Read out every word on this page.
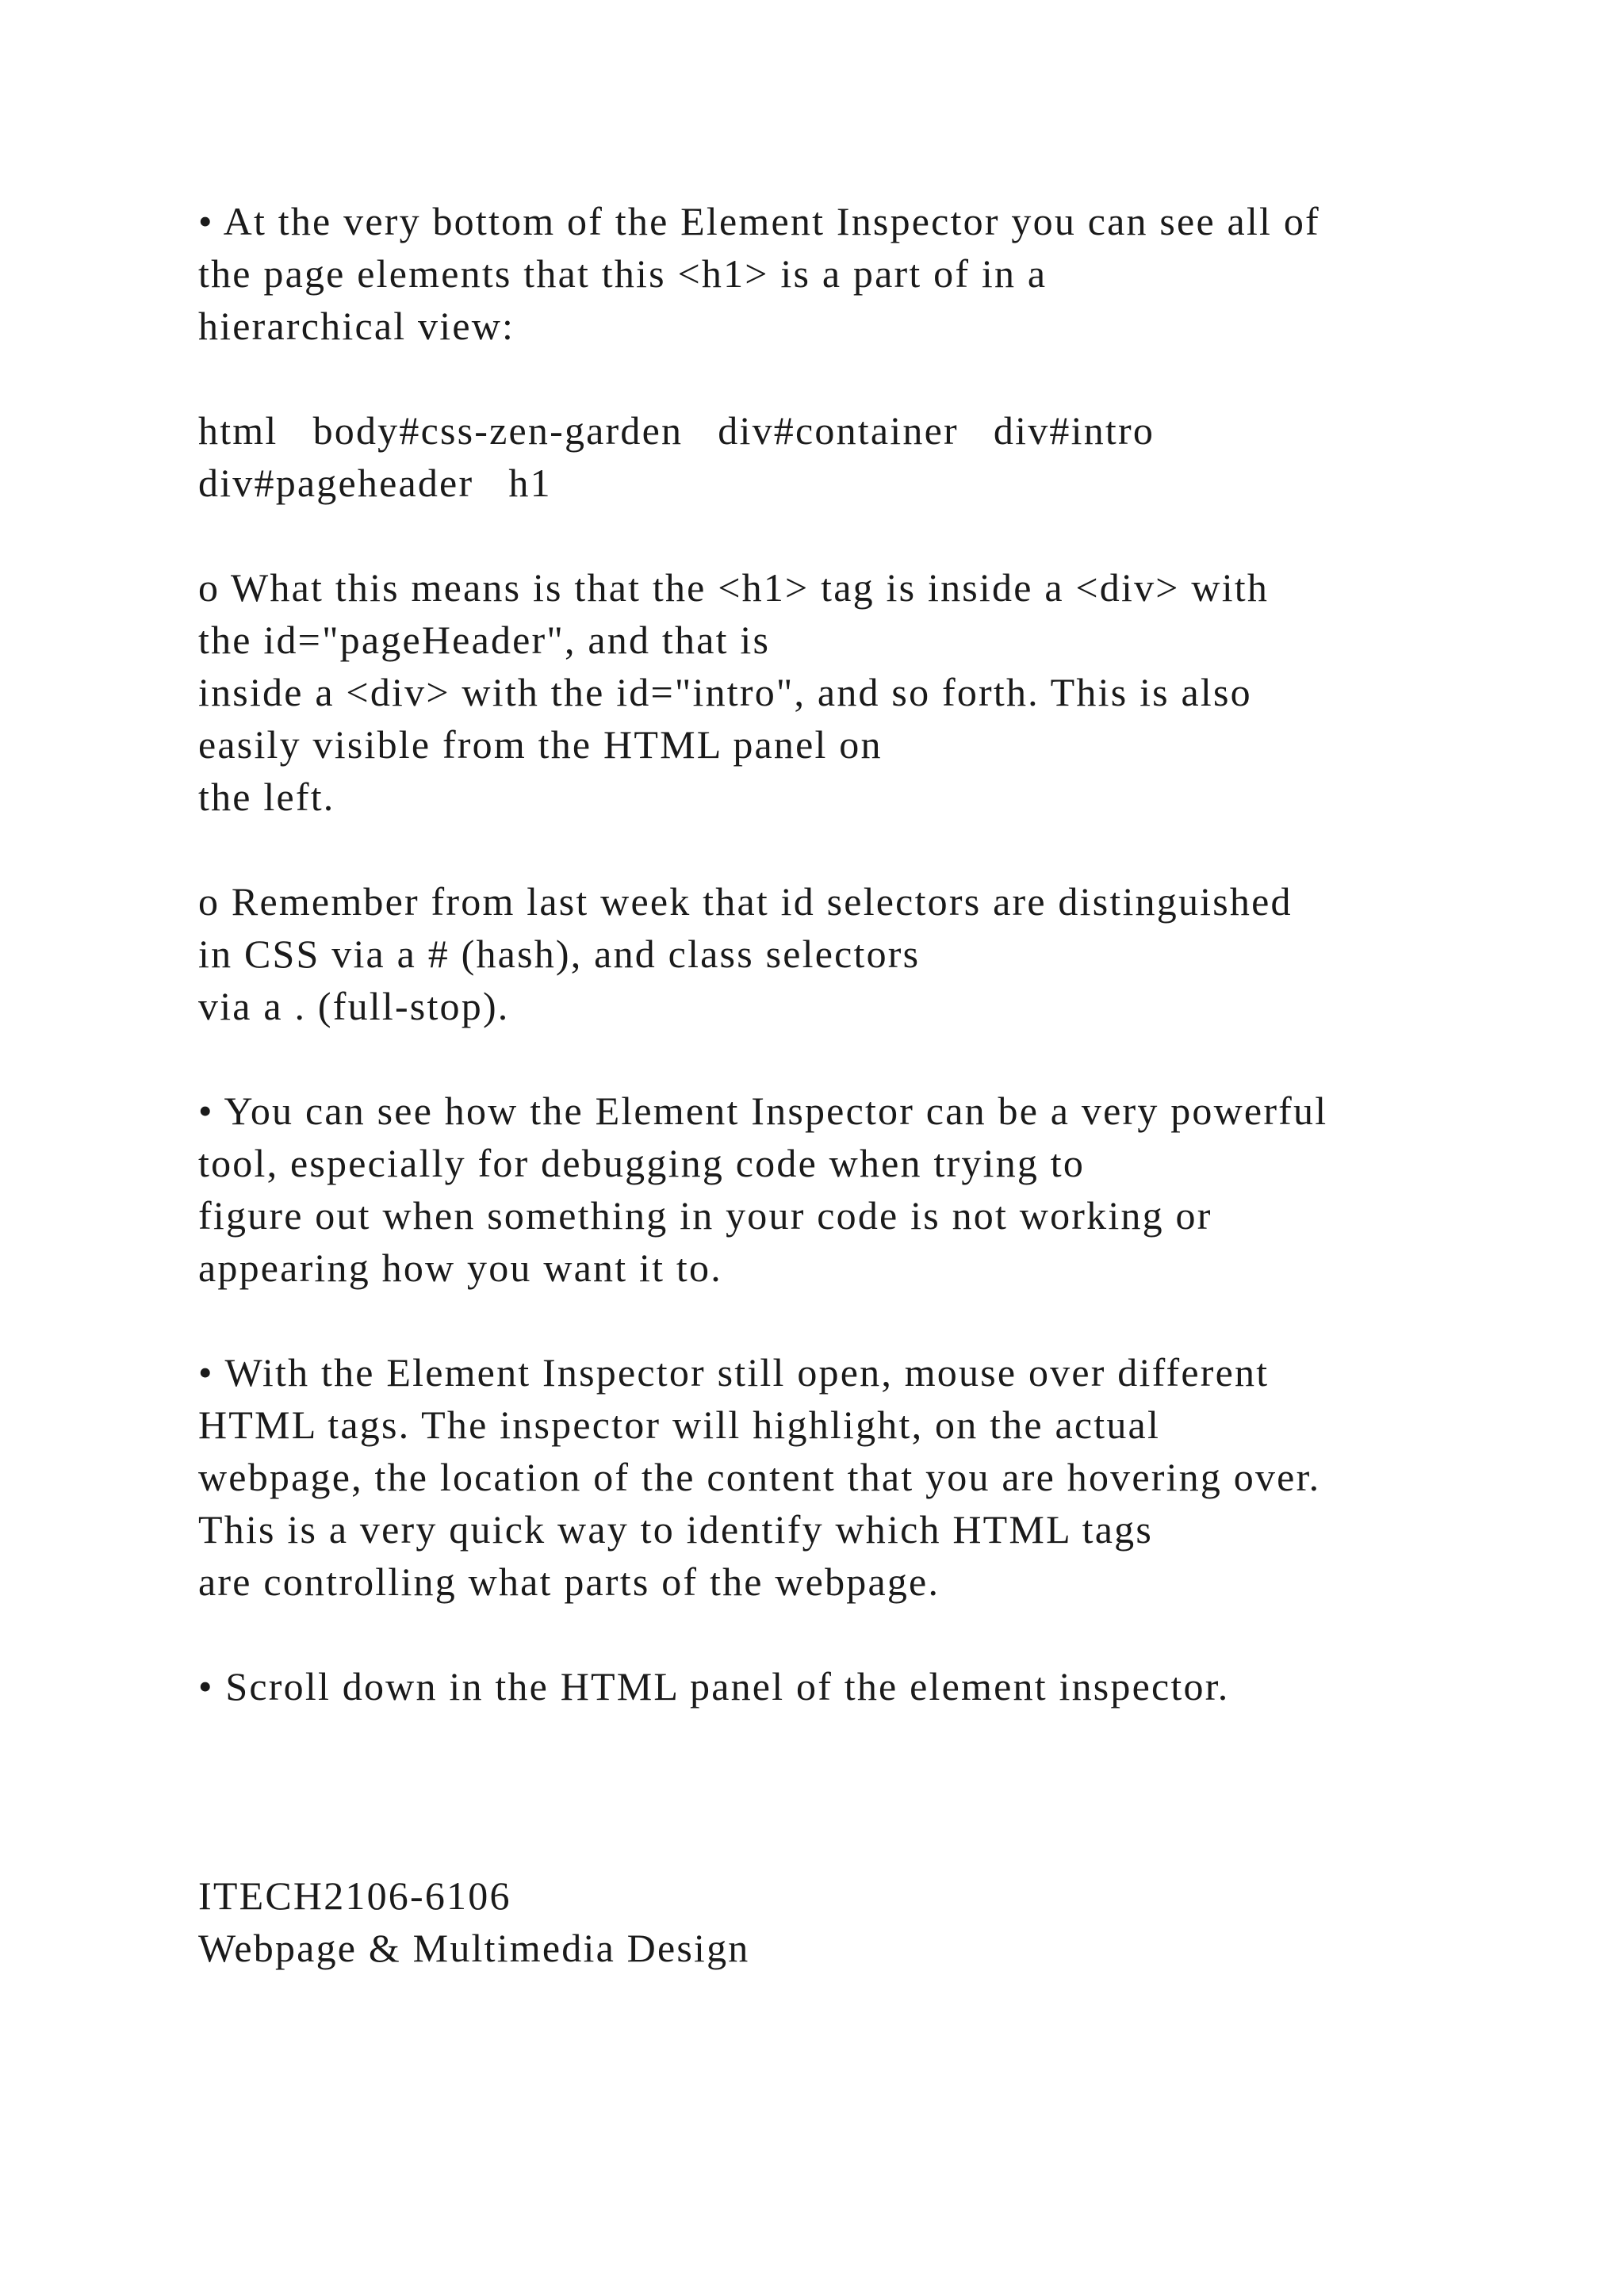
• At the very bottom of the Element Inspector you can see all of
the page elements that this <h1> is a part of in a
hierarchical view:
html   body#css-zen-garden   div#container   div#intro
div#pageheader   h1
o What this means is that the <h1> tag is inside a <div> with
the id="pageHeader", and that is
inside a <div> with the id="intro", and so forth. This is also
easily visible from the HTML panel on
the left.
o Remember from last week that id selectors are distinguished
in CSS via a # (hash), and class selectors
via a . (full-stop).
• You can see how the Element Inspector can be a very powerful
tool, especially for debugging code when trying to
figure out when something in your code is not working or
appearing how you want it to.
• With the Element Inspector still open, mouse over different
HTML tags. The inspector will highlight, on the actual
webpage, the location of the content that you are hovering over.
This is a very quick way to identify which HTML tags
are controlling what parts of the webpage.
• Scroll down in the HTML panel of the element inspector.
ITECH2106-6106
Webpage & Multimedia Design
